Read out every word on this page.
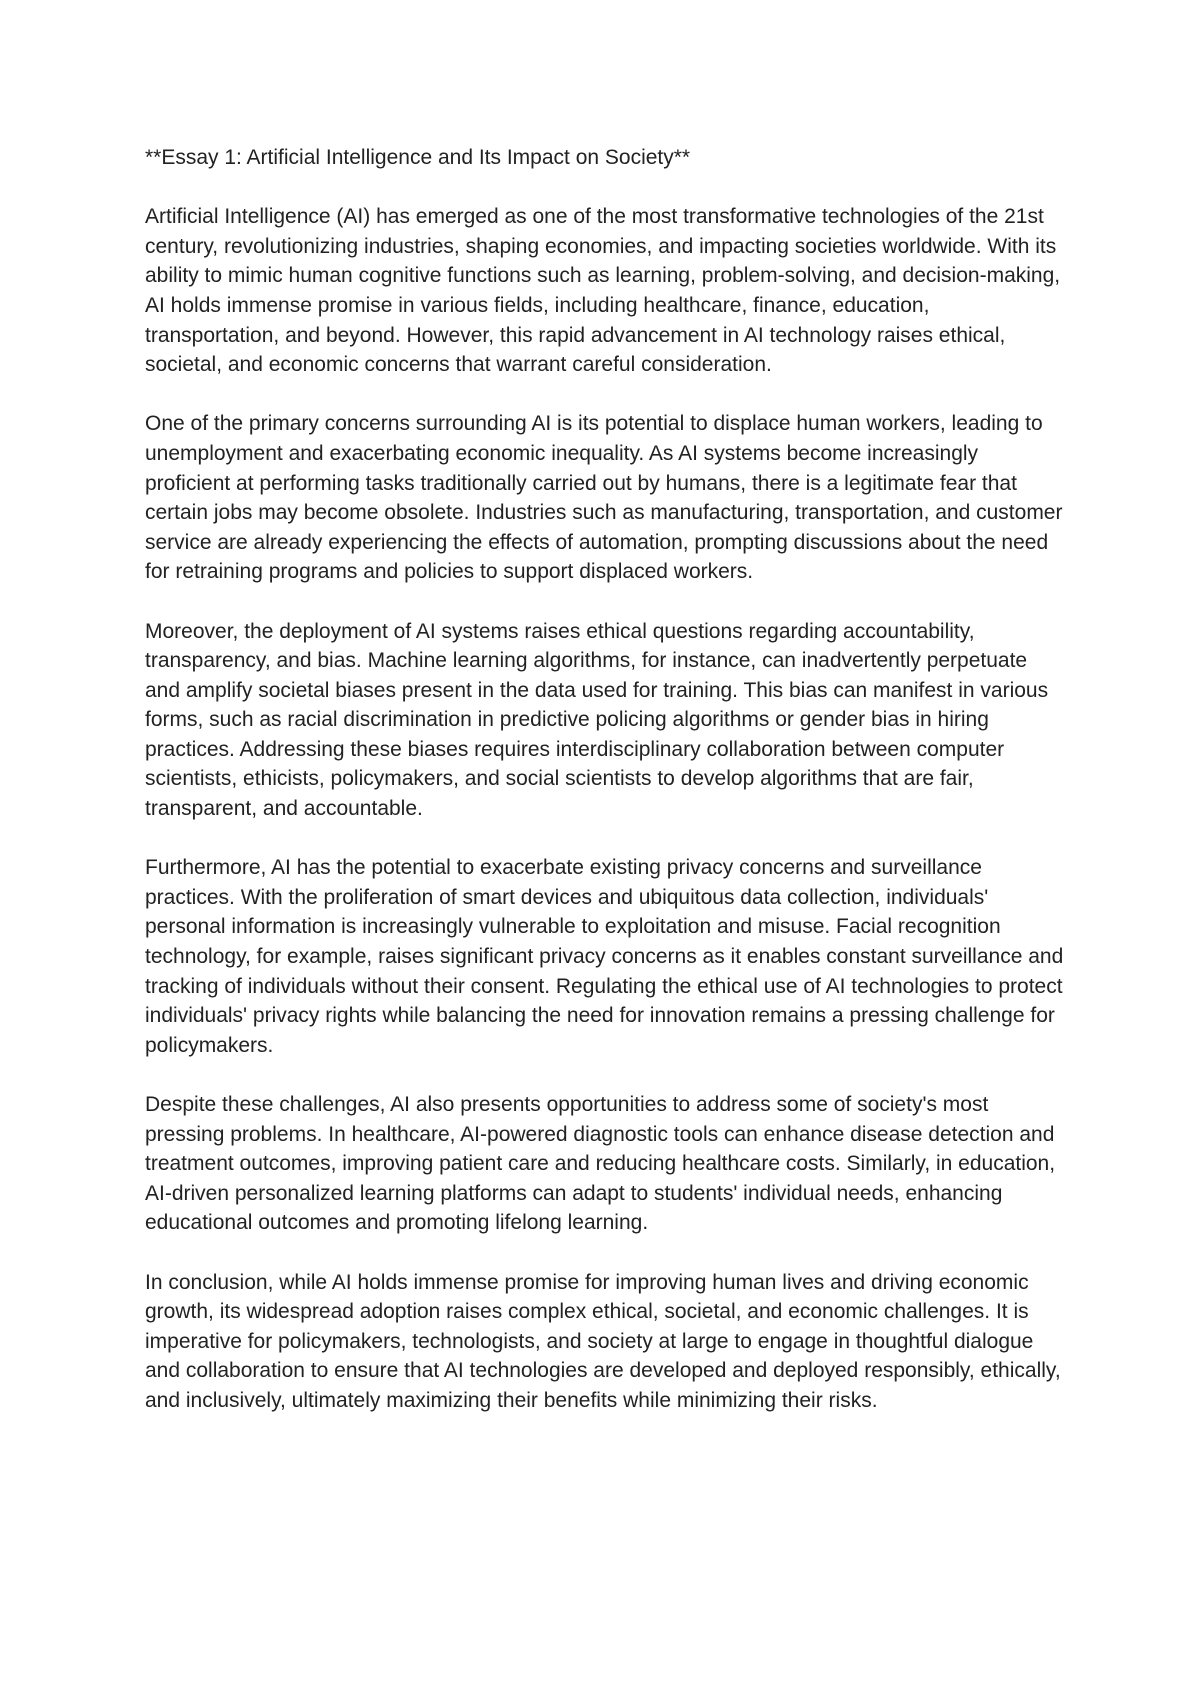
**Essay 1: Artificial Intelligence and Its Impact on Society**

Artificial Intelligence (AI) has emerged as one of the most transformative technologies of the 21st century, revolutionizing industries, shaping economies, and impacting societies worldwide. With its ability to mimic human cognitive functions such as learning, problem-solving, and decision-making, AI holds immense promise in various fields, including healthcare, finance, education, transportation, and beyond. However, this rapid advancement in AI technology raises ethical, societal, and economic concerns that warrant careful consideration.

One of the primary concerns surrounding AI is its potential to displace human workers, leading to unemployment and exacerbating economic inequality. As AI systems become increasingly proficient at performing tasks traditionally carried out by humans, there is a legitimate fear that certain jobs may become obsolete. Industries such as manufacturing, transportation, and customer service are already experiencing the effects of automation, prompting discussions about the need for retraining programs and policies to support displaced workers.

Moreover, the deployment of AI systems raises ethical questions regarding accountability, transparency, and bias. Machine learning algorithms, for instance, can inadvertently perpetuate and amplify societal biases present in the data used for training. This bias can manifest in various forms, such as racial discrimination in predictive policing algorithms or gender bias in hiring practices. Addressing these biases requires interdisciplinary collaboration between computer scientists, ethicists, policymakers, and social scientists to develop algorithms that are fair, transparent, and accountable.

Furthermore, AI has the potential to exacerbate existing privacy concerns and surveillance practices. With the proliferation of smart devices and ubiquitous data collection, individuals' personal information is increasingly vulnerable to exploitation and misuse. Facial recognition technology, for example, raises significant privacy concerns as it enables constant surveillance and tracking of individuals without their consent. Regulating the ethical use of AI technologies to protect individuals' privacy rights while balancing the need for innovation remains a pressing challenge for policymakers.

Despite these challenges, AI also presents opportunities to address some of society's most pressing problems. In healthcare, AI-powered diagnostic tools can enhance disease detection and treatment outcomes, improving patient care and reducing healthcare costs. Similarly, in education, AI-driven personalized learning platforms can adapt to students' individual needs, enhancing educational outcomes and promoting lifelong learning.

In conclusion, while AI holds immense promise for improving human lives and driving economic growth, its widespread adoption raises complex ethical, societal, and economic challenges. It is imperative for policymakers, technologists, and society at large to engage in thoughtful dialogue and collaboration to ensure that AI technologies are developed and deployed responsibly, ethically, and inclusively, ultimately maximizing their benefits while minimizing their risks.
